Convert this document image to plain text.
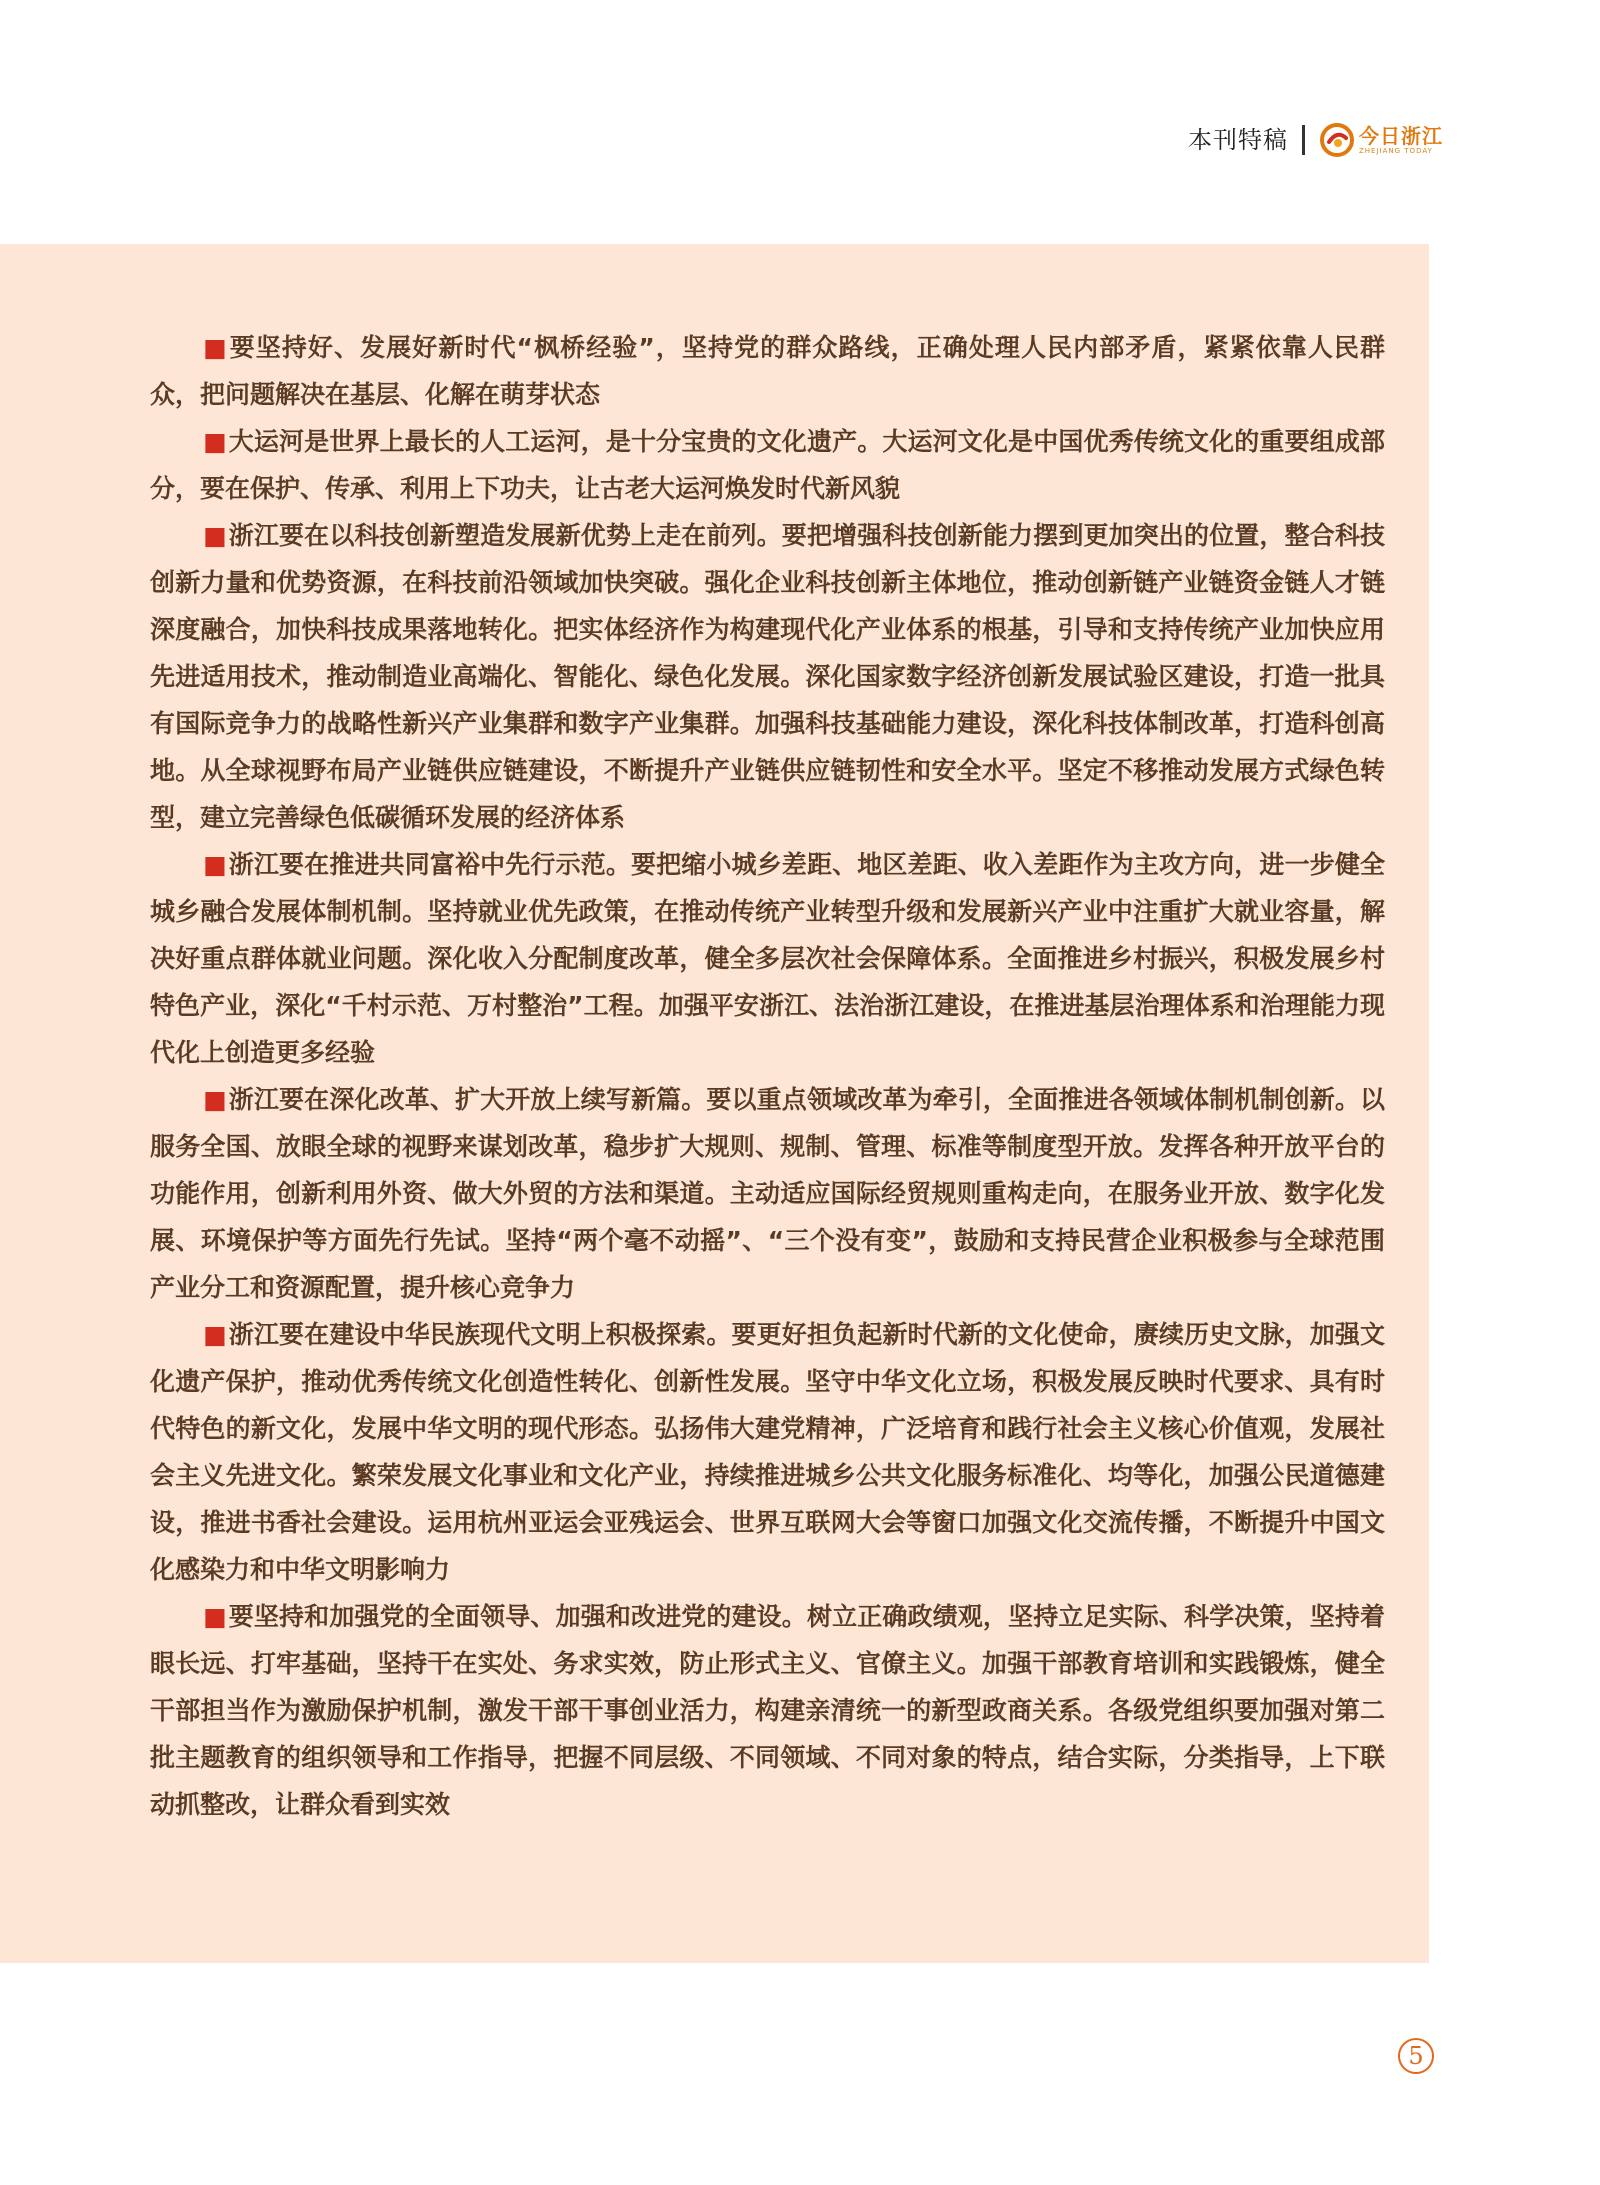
本刊特稿	今日浙江
ZHEJIANG TODAY

■要坚持好、发展好新时代“枫桥经验”，坚持党的群众路线，正确处理人民内部矛盾，紧紧依靠人民群众，把问题解决在基层、化解在萌芽状态

■大运河是世界上最长的人工运河，是十分宝贵的文化遗产。大运河文化是中国优秀传统文化的重要组成部分，要在保护、传承、利用上下功夫，让古老大运河焕发时代新风貌

■浙江要在以科技创新塑造发展新优势上走在前列。要把增强科技创新能力摆到更加突出的位置，整合科技创新力量和优势资源，在科技前沿领域加快突破。强化企业科技创新主体地位，推动创新链产业链资金链人才链深度融合，加快科技成果落地转化。把实体经济作为构建现代化产业体系的根基，引导和支持传统产业加快应用先进适用技术，推动制造业高端化、智能化、绿色化发展。深化国家数字经济创新发展试验区建设，打造一批具有国际竞争力的战略性新兴产业集群和数字产业集群。加强科技基础能力建设，深化科技体制改革，打造科创高地。从全球视野布局产业链供应链建设，不断提升产业链供应链韧性和安全水平。坚定不移推动发展方式绿色转型，建立完善绿色低碳循环发展的经济体系

■浙江要在推进共同富裕中先行示范。要把缩小城乡差距、地区差距、收入差距作为主攻方向，进一步健全城乡融合发展体制机制。坚持就业优先政策，在推动传统产业转型升级和发展新兴产业中注重扩大就业容量，解决好重点群体就业问题。深化收入分配制度改革，健全多层次社会保障体系。全面推进乡村振兴，积极发展乡村特色产业，深化“千村示范、万村整治”工程。加强平安浙江、法治浙江建设，在推进基层治理体系和治理能力现代化上创造更多经验

■浙江要在深化改革、扩大开放上续写新篇。要以重点领域改革为牵引，全面推进各领域体制机制创新。以服务全国、放眼全球的视野来谋划改革，稳步扩大规则、规制、管理、标准等制度型开放。发挥各种开放平台的功能作用，创新利用外资、做大外贸的方法和渠道。主动适应国际经贸规则重构走向，在服务业开放、数字化发展、环境保护等方面先行先试。坚持“两个毫不动摇”、“三个没有变”，鼓励和支持民营企业积极参与全球范围产业分工和资源配置，提升核心竞争力

■浙江要在建设中华民族现代文明上积极探索。要更好担负起新时代新的文化使命，赓续历史文脉，加强文化遗产保护，推动优秀传统文化创造性转化、创新性发展。坚守中华文化立场，积极发展反映时代要求、具有时代特色的新文化，发展中华文明的现代形态。弘扬伟大建党精神，广泛培育和践行社会主义核心价值观，发展社会主义先进文化。繁荣发展文化事业和文化产业，持续推进城乡公共文化服务标准化、均等化，加强公民道德建设，推进书香社会建设。运用杭州亚运会亚残运会、世界互联网大会等窗口加强文化交流传播，不断提升中国文化感染力和中华文明影响力

■要坚持和加强党的全面领导、加强和改进党的建设。树立正确政绩观，坚持立足实际、科学决策，坚持着眼长远、打牢基础，坚持干在实处、务求实效，防止形式主义、官僚主义。加强干部教育培训和实践锻炼，健全干部担当作为激励保护机制，激发干部干事创业活力，构建亲清统一的新型政商关系。各级党组织要加强对第二批主题教育的组织领导和工作指导，把握不同层级、不同领域、不同对象的特点，结合实际，分类指导，上下联动抓整改，让群众看到实效

5
